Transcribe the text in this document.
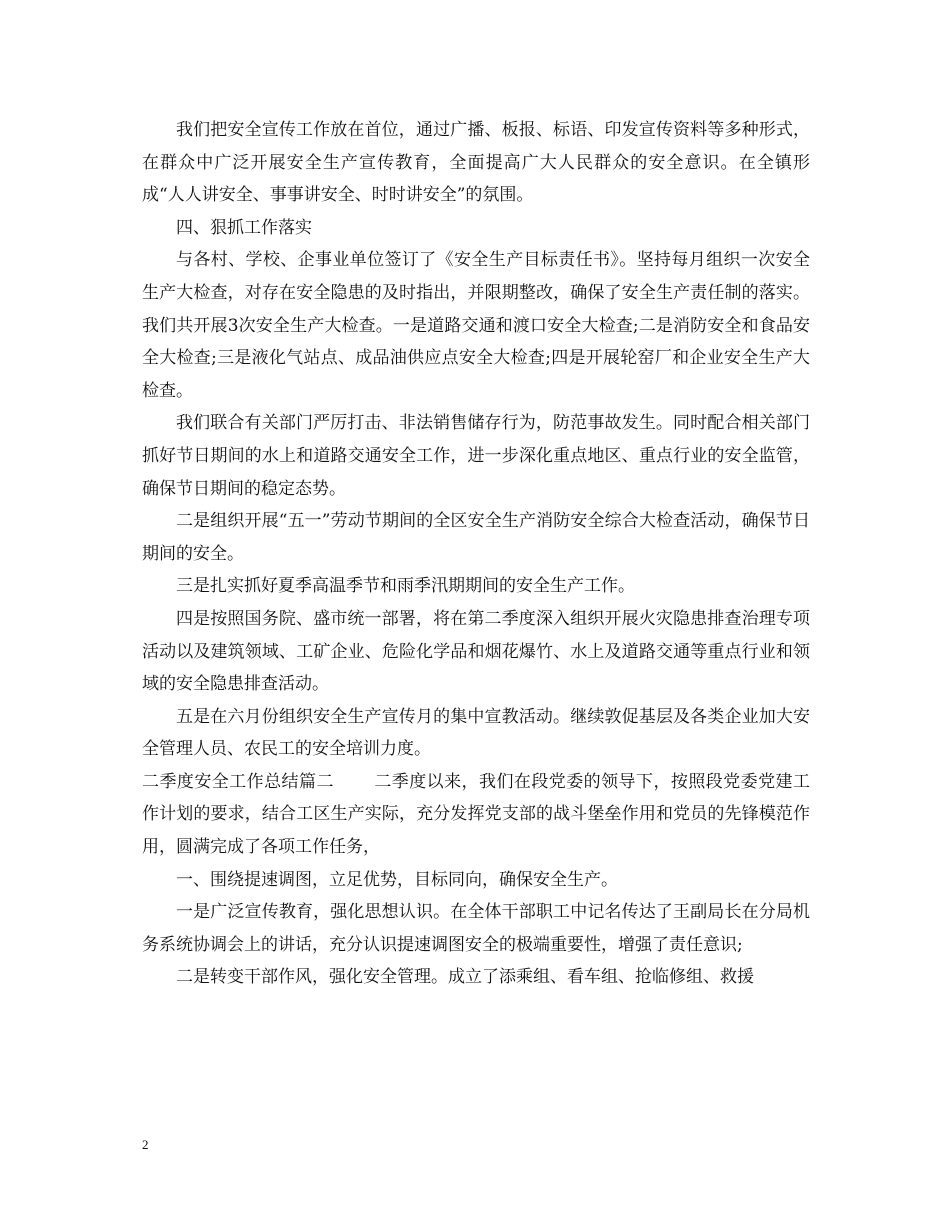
我们把安全宣传工作放在首位，通过广播、板报、标语、印发宣传资料等多种形式，在群众中广泛开展安全生产宣传教育，全面提高广大人民群众的安全意识。在全镇形成“人人讲安全、事事讲安全、时时讲安全”的氛围。

四、狠抓工作落实

与各村、学校、企事业单位签订了《安全生产目标责任书》。坚持每月组织一次安全生产大检查，对存在安全隐患的及时指出，并限期整改，确保了安全生产责任制的落实。我们共开展3次安全生产大检查。一是道路交通和渡口安全大检查;二是消防安全和食品安全大检查;三是液化气站点、成品油供应点安全大检查;四是开展轮窑厂和企业安全生产大检查。

我们联合有关部门严厉打击、非法销售储存行为，防范事故发生。同时配合相关部门抓好节日期间的水上和道路交通安全工作，进一步深化重点地区、重点行业的安全监管，确保节日期间的稳定态势。

二是组织开展“五一”劳动节期间的全区安全生产消防安全综合大检查活动，确保节日期间的安全。

三是扎实抓好夏季高温季节和雨季汛期期间的安全生产工作。

四是按照国务院、盛市统一部署，将在第二季度深入组织开展火灾隐患排查治理专项活动以及建筑领域、工矿企业、危险化学品和烟花爆竹、水上及道路交通等重点行业和领域的安全隐患排查活动。

五是在六月份组织安全生产宣传月的集中宣教活动。继续敦促基层及各类企业加大安全管理人员、农民工的安全培训力度。

二季度安全工作总结篇二 二季度以来，我们在段党委的领导下，按照段党委党建工作计划的要求，结合工区生产实际，充分发挥党支部的战斗堡垒作用和党员的先锋模范作用，圆满完成了各项工作任务，

一、围绕提速调图，立足优势，目标同向，确保安全生产。

一是广泛宣传教育，强化思想认识。在全体干部职工中记名传达了王副局长在分局机务系统协调会上的讲话，充分认识提速调图安全的极端重要性，增强了责任意识;

二是转变干部作风，强化安全管理。成立了添乘组、看车组、抢临修组、救援

2
